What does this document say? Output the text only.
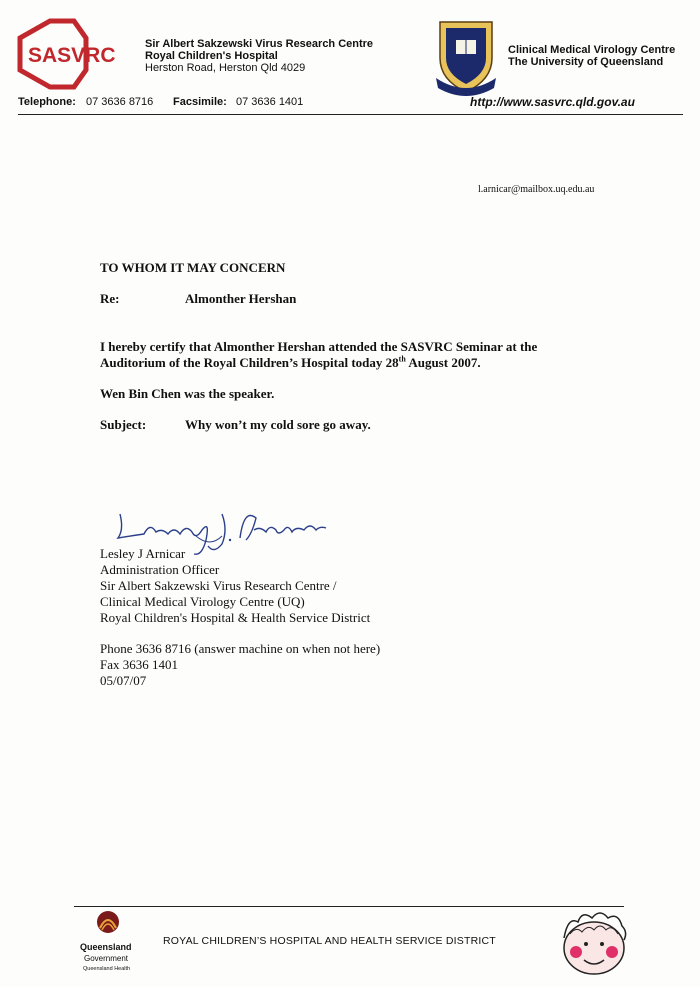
SASVRC	Sir Albert Sakzewski Virus Research Centre
Royal Children's Hospital
Herston Road, Herston Qld 4029
Clinical Medical Virology Centre
The University of Queensland
Telephone: 07 3636 8716 Facsimile: 07 3636 1401	http://www.sasvrc.qld.gov.au
l.arnicar@mailbox.uq.edu.au
TO WHOM IT MAY CONCERN
Re:	Almonther Hershan
I hereby certify that Almonther Hershan attended the SASVRC Seminar at the
Auditorium of the Royal Children’s Hospital today 28th August 2007.
Wen Bin Chen was the speaker.
Subject:	Why won’t my cold sore go away.
Lesley J Arnicar
Administration Officer
Sir Albert Sakzewski Virus Research Centre /
Clinical Medical Virology Centre (UQ)
Royal Children's Hospital & Health Service District
Phone 3636 8716 (answer machine on when not here)
Fax 3636 1401
05/07/07
Queensland
Government
Queensland Health
ROYAL CHILDREN’S HOSPITAL AND HEALTH SERVICE DISTRICT
